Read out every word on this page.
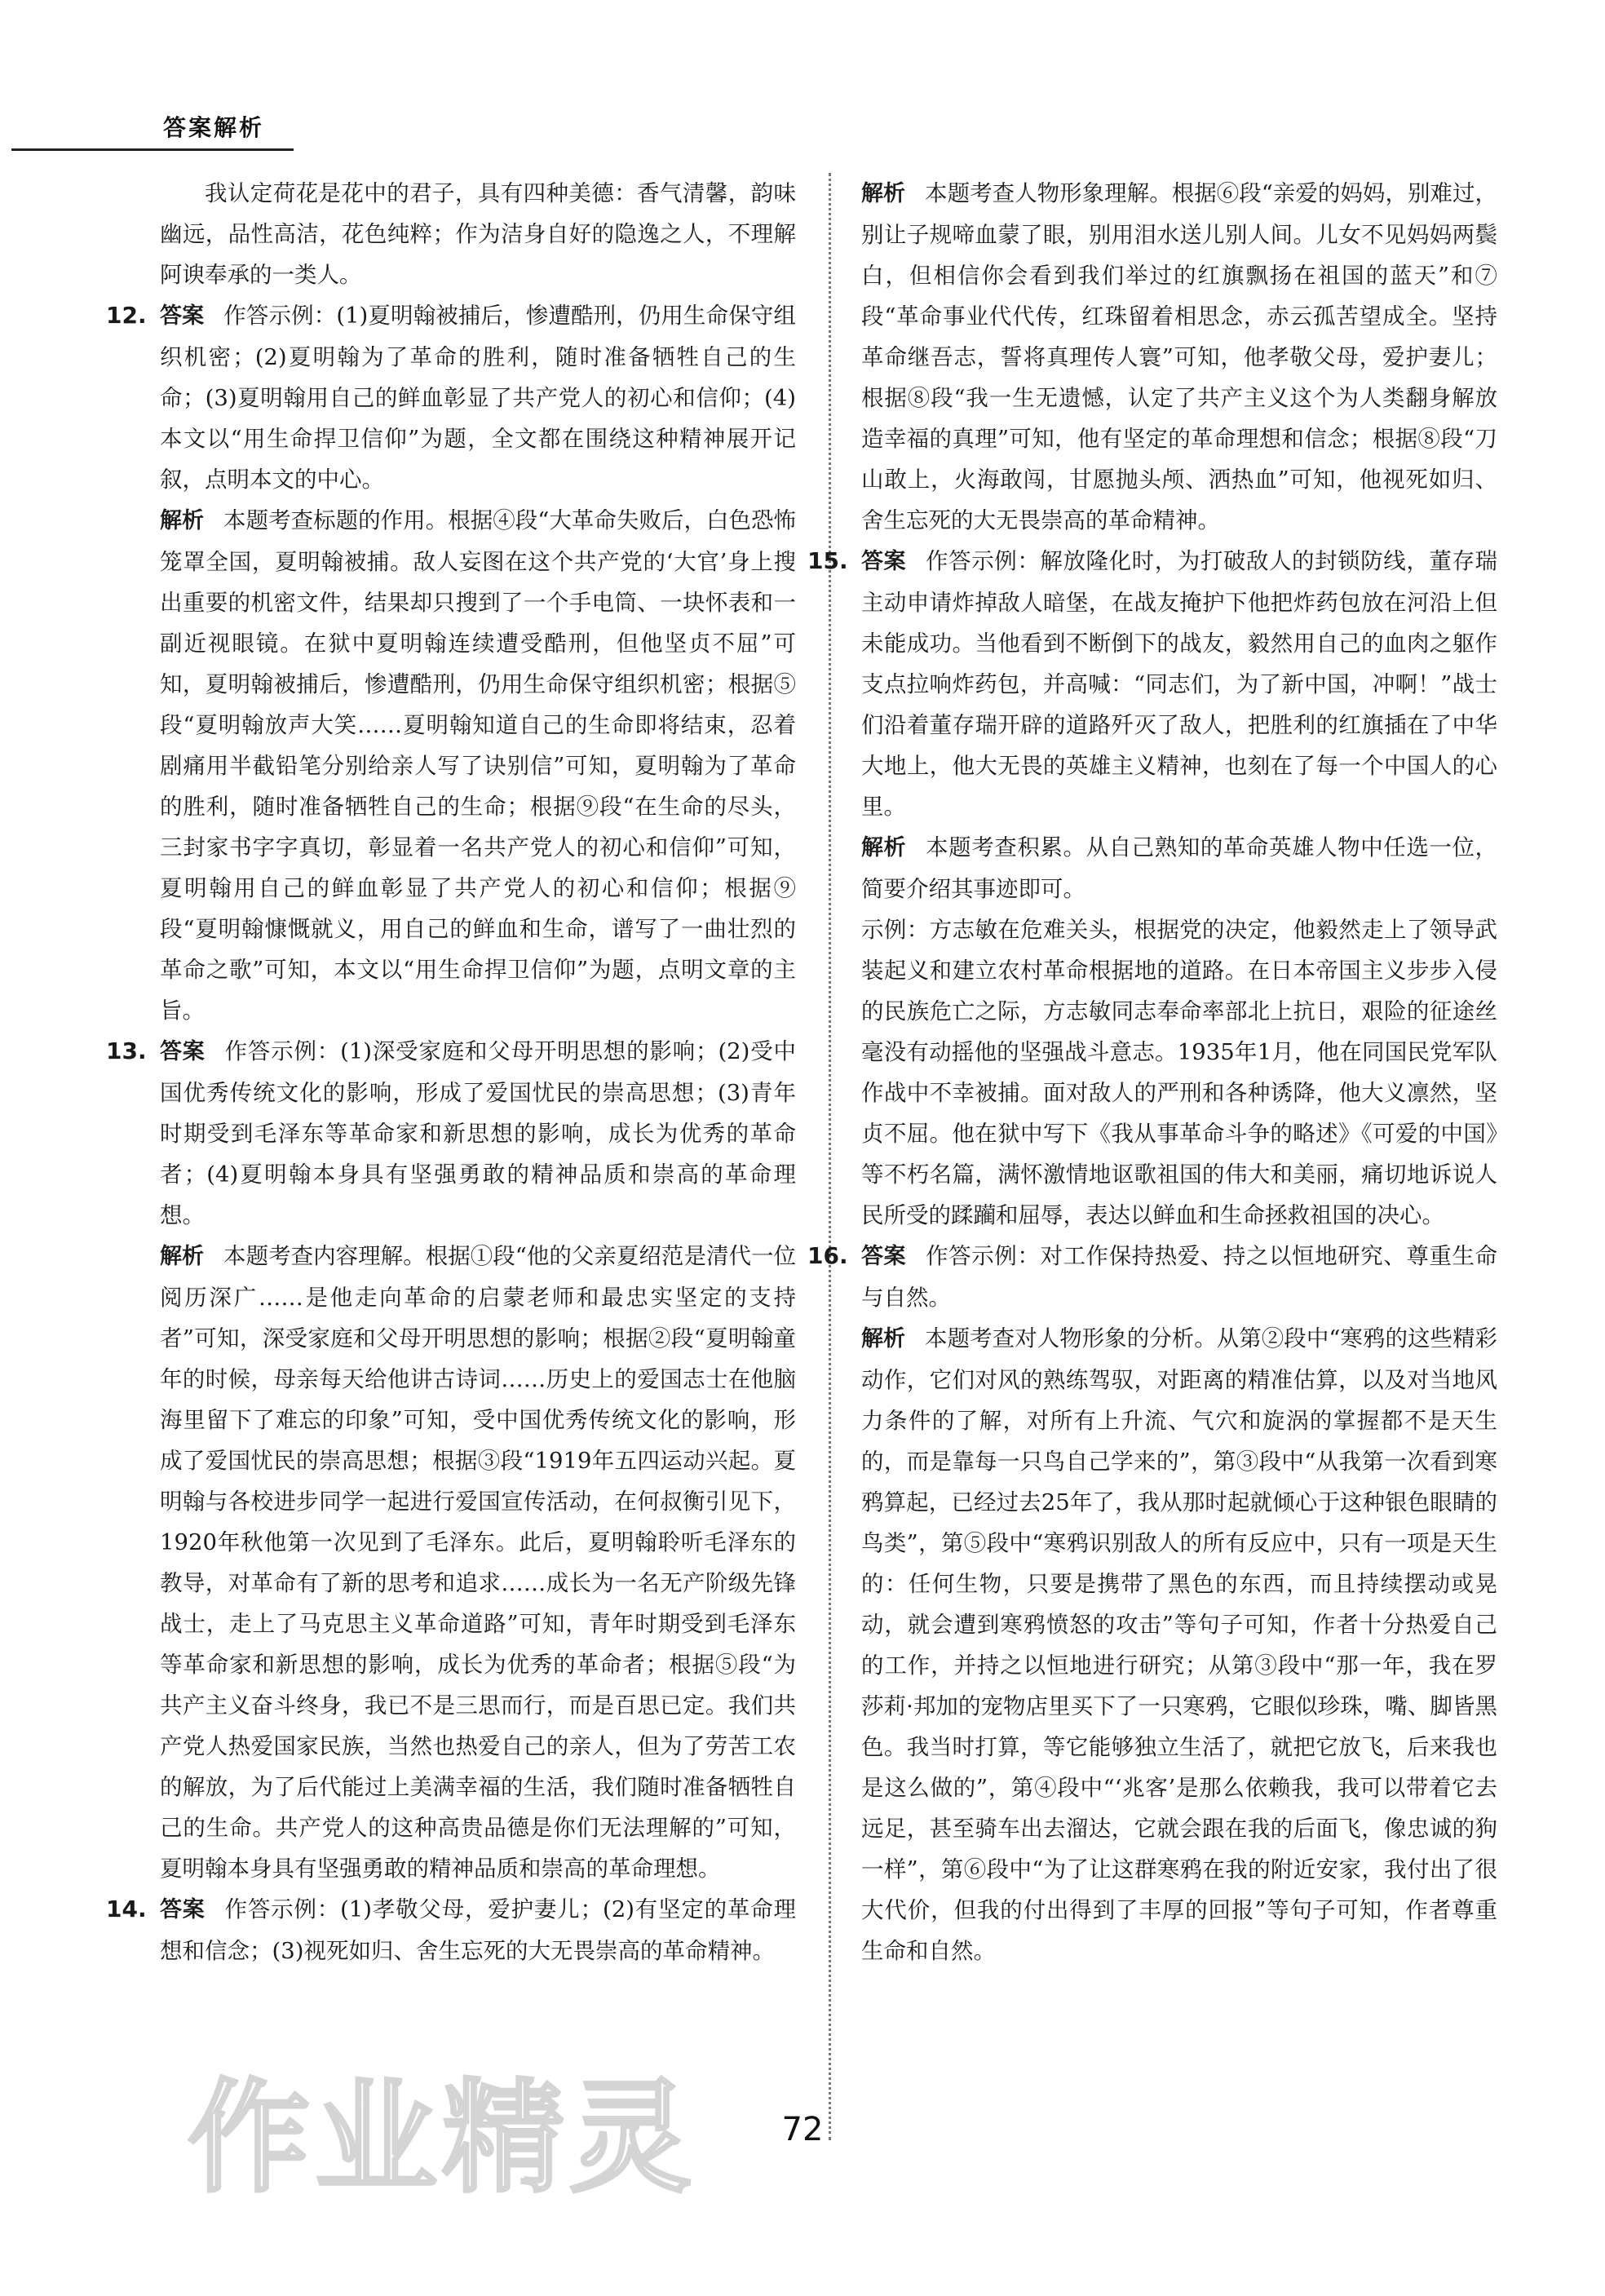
答案解析

我认定荷花是花中的君子，具有四种美德：香气清馨，韵味幽远，品性高洁，花色纯粹；作为洁身自好的隐逸之人，不理解阿谀奉承的一类人。

12. 答案 作答示例：(1)夏明翰被捕后，惨遭酷刑，仍用生命保守组织机密；(2)夏明翰为了革命的胜利，随时准备牺牲自己的生命；(3)夏明翰用自己的鲜血彰显了共产党人的初心和信仰；(4)本文以“用生命捍卫信仰”为题，全文都在围绕这种精神展开记叙，点明本文的中心。

解析 本题考查标题的作用。根据④段“大革命失败后，白色恐怖笼罩全国，夏明翰被捕。敌人妄图在这个共产党的‘大官’身上搜出重要的机密文件，结果却只搜到了一个手电筒、一块怀表和一副近视眼镜。在狱中夏明翰连续遭受酷刑，但他坚贞不屈”可知，夏明翰被捕后，惨遭酷刑，仍用生命保守组织机密；根据⑤段“夏明翰放声大笑……夏明翰知道自己的生命即将结束，忍着剧痛用半截铅笔分别给亲人写了诀别信”可知，夏明翰为了革命的胜利，随时准备牺牲自己的生命；根据⑨段“在生命的尽头，三封家书字字真切，彰显着一名共产党人的初心和信仰”可知，夏明翰用自己的鲜血彰显了共产党人的初心和信仰；根据⑨段“夏明翰慷慨就义，用自己的鲜血和生命，谱写了一曲壮烈的革命之歌”可知，本文以“用生命捍卫信仰”为题，点明文章的主旨。

13. 答案 作答示例：(1)深受家庭和父母开明思想的影响；(2)受中国优秀传统文化的影响，形成了爱国忧民的崇高思想；(3)青年时期受到毛泽东等革命家和新思想的影响，成长为优秀的革命者；(4)夏明翰本身具有坚强勇敢的精神品质和崇高的革命理想。

解析 本题考查内容理解。根据①段“他的父亲夏绍范是清代一位阅历深广……是他走向革命的启蒙老师和最忠实坚定的支持者”可知，深受家庭和父母开明思想的影响；根据②段“夏明翰童年的时候，母亲每天给他讲古诗词……历史上的爱国志士在他脑海里留下了难忘的印象”可知，受中国优秀传统文化的影响，形成了爱国忧民的崇高思想；根据③段“1919年五四运动兴起。夏明翰与各校进步同学一起进行爱国宣传活动，在何叔衡引见下，1920年秋他第一次见到了毛泽东。此后，夏明翰聆听毛泽东的教导，对革命有了新的思考和追求……成长为一名无产阶级先锋战士，走上了马克思主义革命道路”可知，青年时期受到毛泽东等革命家和新思想的影响，成长为优秀的革命者；根据⑤段“为共产主义奋斗终身，我已不是三思而行，而是百思已定。我们共产党人热爱国家民族，当然也热爱自己的亲人，但为了劳苦工农的解放，为了后代能过上美满幸福的生活，我们随时准备牺牲自己的生命。共产党人的这种高贵品德是你们无法理解的”可知，夏明翰本身具有坚强勇敢的精神品质和崇高的革命理想。

14. 答案 作答示例：(1)孝敬父母，爱护妻儿；(2)有坚定的革命理想和信念；(3)视死如归、舍生忘死的大无畏崇高的革命精神。

解析 本题考查人物形象理解。根据⑥段“亲爱的妈妈，别难过，别让子规啼血蒙了眼，别用泪水送儿别人间。儿女不见妈妈两鬓白，但相信你会看到我们举过的红旗飘扬在祖国的蓝天”和⑦段“革命事业代代传，红珠留着相思念，赤云孤苦望成全。坚持革命继吾志，誓将真理传人寰”可知，他孝敬父母，爱护妻儿；根据⑧段“我一生无遗憾，认定了共产主义这个为人类翻身解放造幸福的真理”可知，他有坚定的革命理想和信念；根据⑧段“刀山敢上，火海敢闯，甘愿抛头颅、洒热血”可知，他视死如归、舍生忘死的大无畏崇高的革命精神。

15. 答案 作答示例：解放隆化时，为打破敌人的封锁防线，董存瑞主动申请炸掉敌人暗堡，在战友掩护下他把炸药包放在河沿上但未能成功。当他看到不断倒下的战友，毅然用自己的血肉之躯作支点拉响炸药包，并高喊：“同志们，为了新中国，冲啊！”战士们沿着董存瑞开辟的道路歼灭了敌人，把胜利的红旗插在了中华大地上，他大无畏的英雄主义精神，也刻在了每一个中国人的心里。

解析 本题考查积累。从自己熟知的革命英雄人物中任选一位，简要介绍其事迹即可。

示例：方志敏在危难关头，根据党的决定，他毅然走上了领导武装起义和建立农村革命根据地的道路。在日本帝国主义步步入侵的民族危亡之际，方志敏同志奉命率部北上抗日，艰险的征途丝毫没有动摇他的坚强战斗意志。1935年1月，他在同国民党军队作战中不幸被捕。面对敌人的严刑和各种诱降，他大义凛然，坚贞不屈。他在狱中写下《我从事革命斗争的略述》《可爱的中国》等不朽名篇，满怀激情地讴歌祖国的伟大和美丽，痛切地诉说人民所受的蹂躏和屈辱，表达以鲜血和生命拯救祖国的决心。

16. 答案 作答示例：对工作保持热爱、持之以恒地研究、尊重生命与自然。

解析 本题考查对人物形象的分析。从第②段中“寒鸦的这些精彩动作，它们对风的熟练驾驭，对距离的精准估算，以及对当地风力条件的了解，对所有上升流、气穴和旋涡的掌握都不是天生的，而是靠每一只鸟自己学来的”，第③段中“从我第一次看到寒鸦算起，已经过去25年了，我从那时起就倾心于这种银色眼睛的鸟类”，第⑤段中“寒鸦识别敌人的所有反应中，只有一项是天生的：任何生物，只要是携带了黑色的东西，而且持续摆动或晃动，就会遭到寒鸦愤怒的攻击”等句子可知，作者十分热爱自己的工作，并持之以恒地进行研究；从第③段中“那一年，我在罗莎莉·邦加的宠物店里买下了一只寒鸦，它眼似珍珠，嘴、脚皆黑色。我当时打算，等它能够独立生活了，就把它放飞，后来我也是这么做的”，第④段中“‘兆客’是那么依赖我，我可以带着它去远足，甚至骑车出去溜达，它就会跟在我的后面飞，像忠诚的狗一样”，第⑥段中“为了让这群寒鸦在我的附近安家，我付出了很大代价，但我的付出得到了丰厚的回报”等句子可知，作者尊重生命和自然。

作业精灵	72
